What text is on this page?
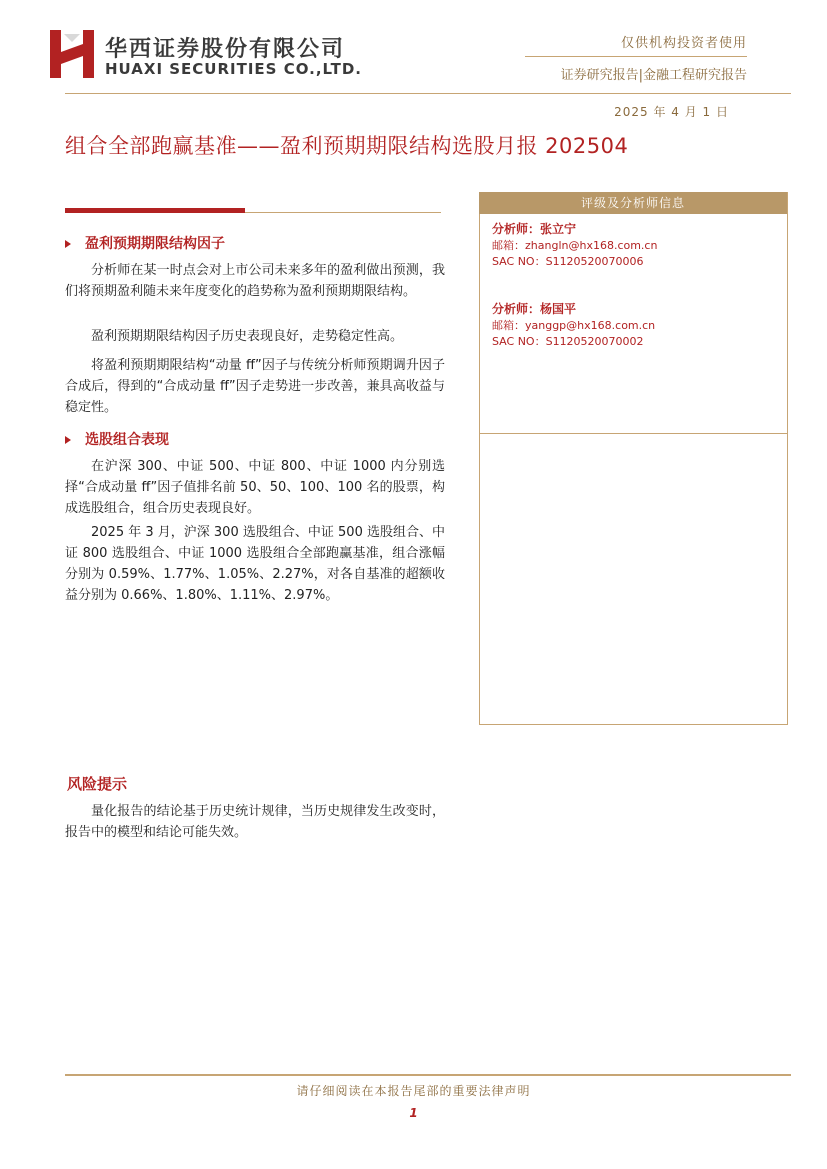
华西证券股份有限公司
HUAXI SECURITIES CO.,LTD.
仅供机构投资者使用
证券研究报告|金融工程研究报告
2025 年 4 月 1 日
组合全部跑赢基准——盈利预期期限结构选股月报 202504
盈利预期期限结构因子
分析师在某一时点会对上市公司未来多年的盈利做出预测，我们将预期盈利随未来年度变化的趋势称为盈利预期期限结构。
盈利预期期限结构因子历史表现良好，走势稳定性高。
将盈利预期期限结构“动量 ff”因子与传统分析师预期调升因子合成后，得到的“合成动量 ff”因子走势进一步改善，兼具高收益与稳定性。
选股组合表现
在沪深 300、中证 500、中证 800、中证 1000 内分别选择“合成动量 ff”因子值排名前 50、50、100、100 名的股票，构成选股组合，组合历史表现良好。
2025 年 3 月，沪深 300 选股组合、中证 500 选股组合、中证 800 选股组合、中证 1000 选股组合全部跑赢基准，组合涨幅分别为 0.59%、1.77%、1.05%、2.27%，对各自基准的超额收益分别为 0.66%、1.80%、1.11%、2.97%。
评级及分析师信息
分析师：张立宁
邮箱：zhangln@hx168.com.cn
SAC NO：S1120520070006
分析师：杨国平
邮箱：yanggp@hx168.com.cn
SAC NO：S1120520070002
风险提示
量化报告的结论基于历史统计规律，当历史规律发生改变时，报告中的模型和结论可能失效。
请仔细阅读在本报告尾部的重要法律声明
1
